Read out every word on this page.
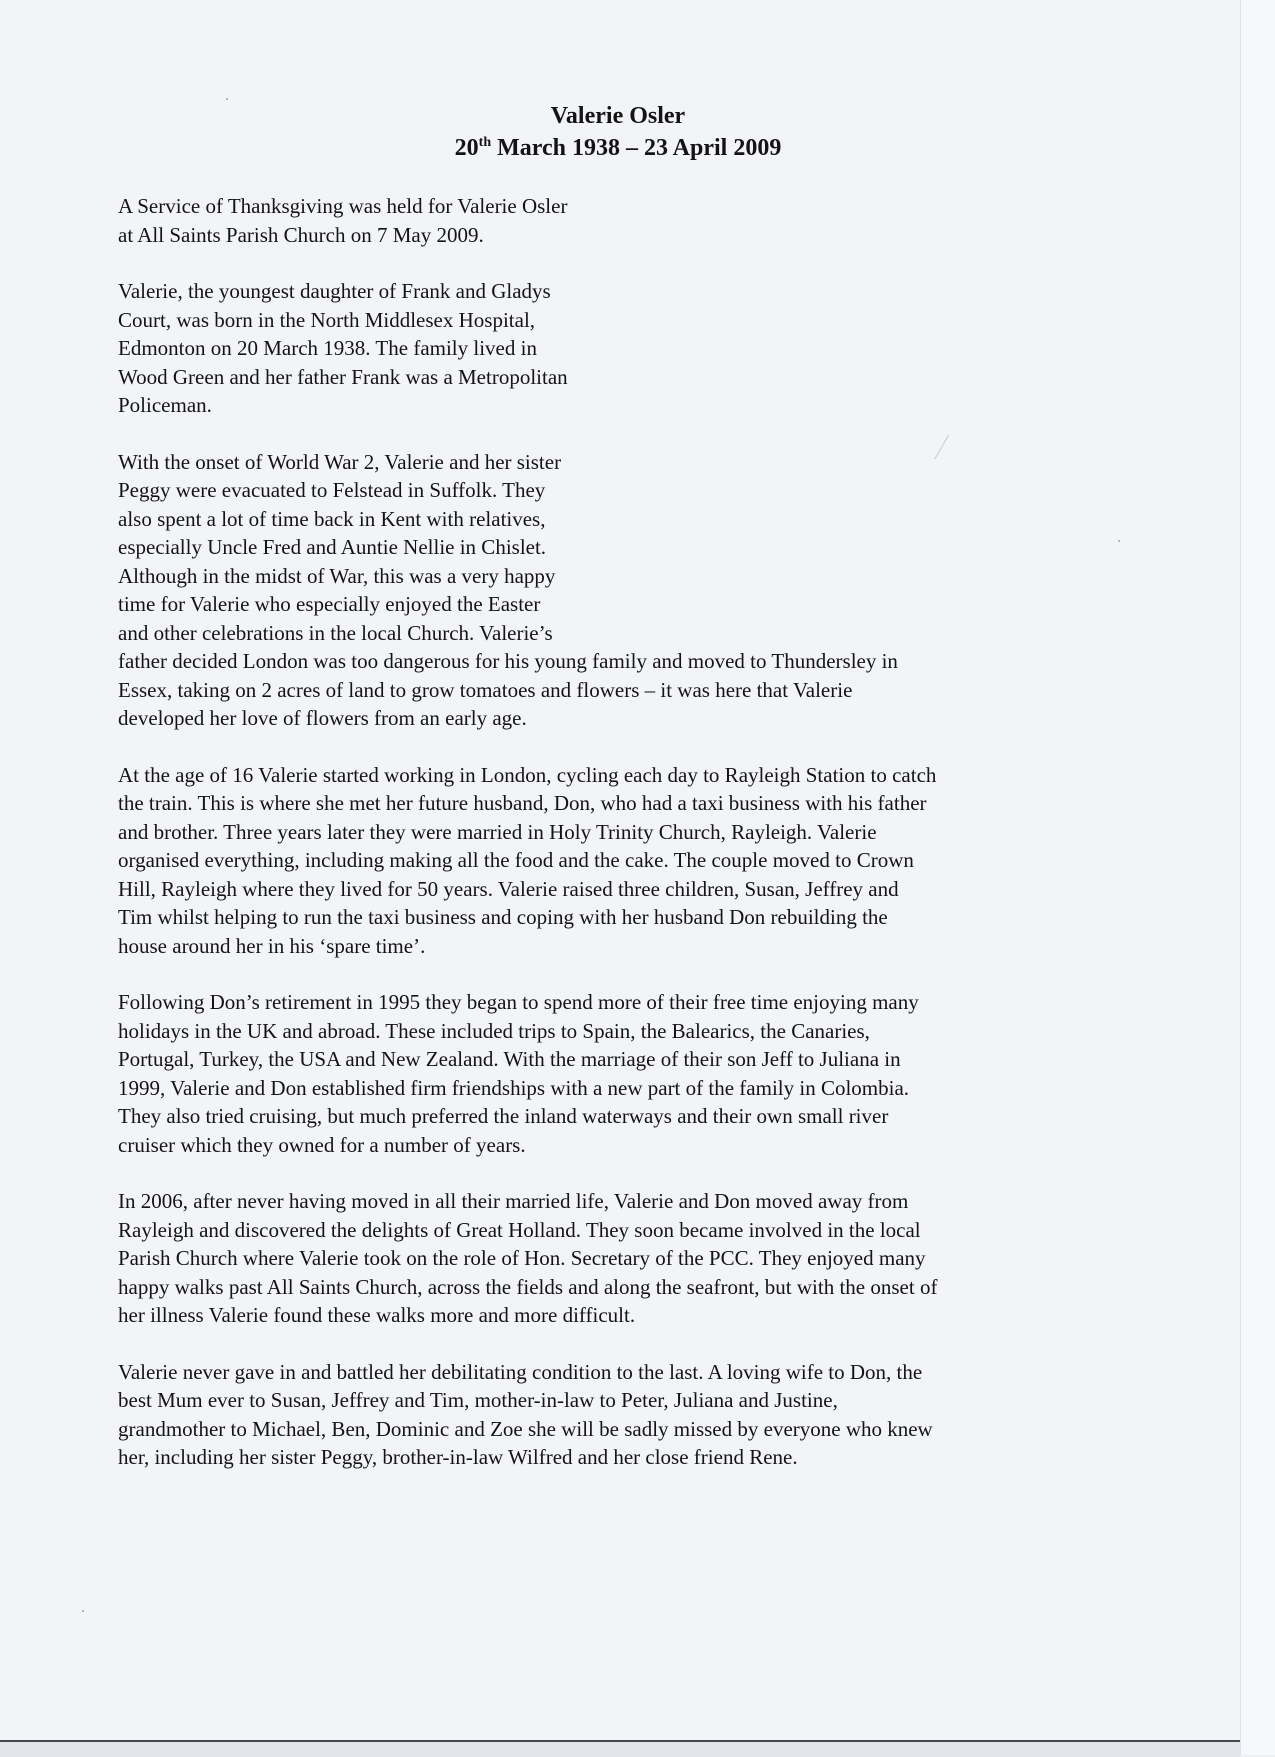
Valerie Osler
20th March 1938 – 23 April 2009
A Service of Thanksgiving was held for Valerie Osler
at All Saints Parish Church on 7 May 2009.
Valerie, the youngest daughter of Frank and Gladys
Court, was born in the North Middlesex Hospital,
Edmonton on 20 March 1938. The family lived in
Wood Green and her father Frank was a Metropolitan
Policeman.
With the onset of World War 2, Valerie and her sister
Peggy were evacuated to Felstead in Suffolk. They
also spent a lot of time back in Kent with relatives,
especially Uncle Fred and Auntie Nellie in Chislet.
Although in the midst of War, this was a very happy
time for Valerie who especially enjoyed the Easter
and other celebrations in the local Church. Valerie’s
father decided London was too dangerous for his young family and moved to Thundersley in
Essex, taking on 2 acres of land to grow tomatoes and flowers – it was here that Valerie
developed her love of flowers from an early age.
At the age of 16 Valerie started working in London, cycling each day to Rayleigh Station to catch
the train. This is where she met her future husband, Don, who had a taxi business with his father
and brother. Three years later they were married in Holy Trinity Church, Rayleigh. Valerie
organised everything, including making all the food and the cake. The couple moved to Crown
Hill, Rayleigh where they lived for 50 years. Valerie raised three children, Susan, Jeffrey and
Tim whilst helping to run the taxi business and coping with her husband Don rebuilding the
house around her in his ‘spare time’.
Following Don’s retirement in 1995 they began to spend more of their free time enjoying many
holidays in the UK and abroad. These included trips to Spain, the Balearics, the Canaries,
Portugal, Turkey, the USA and New Zealand. With the marriage of their son Jeff to Juliana in
1999, Valerie and Don established firm friendships with a new part of the family in Colombia.
They also tried cruising, but much preferred the inland waterways and their own small river
cruiser which they owned for a number of years.
In 2006, after never having moved in all their married life, Valerie and Don moved away from
Rayleigh and discovered the delights of Great Holland. They soon became involved in the local
Parish Church where Valerie took on the role of Hon. Secretary of the PCC. They enjoyed many
happy walks past All Saints Church, across the fields and along the seafront, but with the onset of
her illness Valerie found these walks more and more difficult.
Valerie never gave in and battled her debilitating condition to the last. A loving wife to Don, the
best Mum ever to Susan, Jeffrey and Tim, mother-in-law to Peter, Juliana and Justine,
grandmother to Michael, Ben, Dominic and Zoe she will be sadly missed by everyone who knew
her, including her sister Peggy, brother-in-law Wilfred and her close friend Rene.
